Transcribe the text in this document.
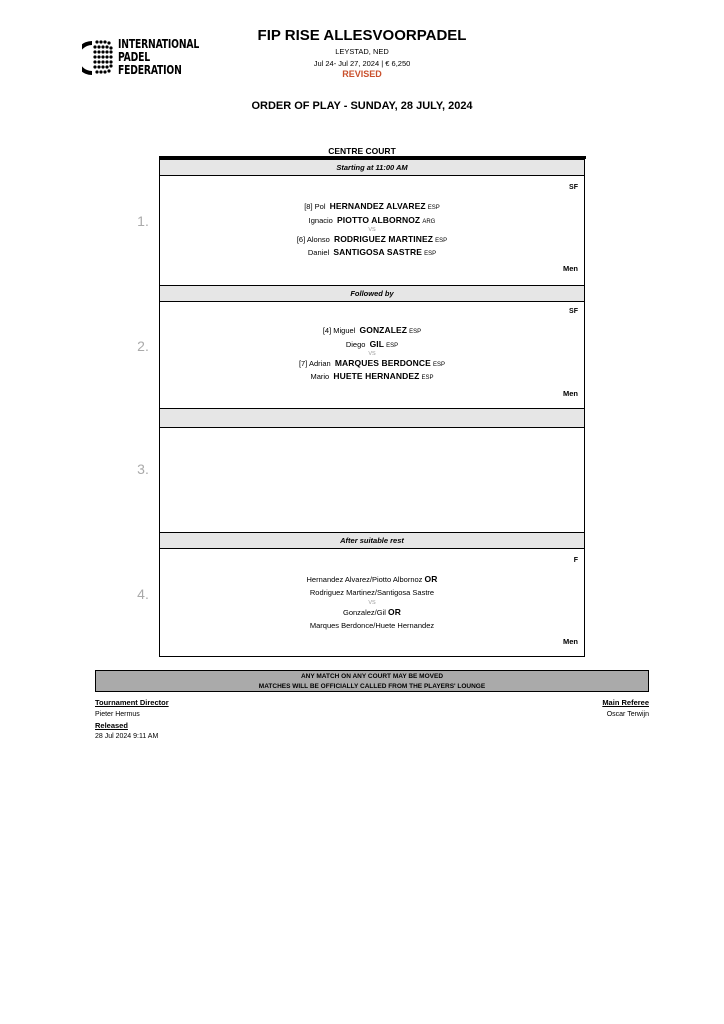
INTERNATIONAL
PADEL
FEDERATION
FIP RISE ALLESVOORPADEL
LEYSTAD, NED
Jul 24- Jul 27, 2024 | € 6,250
REVISED
ORDER OF PLAY - SUNDAY, 28 JULY, 2024
CENTRE COURT
1.
2.
3.
4.
Starting at 11:00 AM
SF
[8] Pol HERNANDEZ ALVAREZ ESP
Ignacio PIOTTO ALBORNOZ ARG
VS
[6] Alonso RODRIGUEZ MARTINEZ ESP
Daniel SANTIGOSA SASTRE ESP
Men
Followed by
SF
[4] Miguel GONZALEZ ESP
Diego GIL ESP
VS
[7] Adrian MARQUES BERDONCE ESP
Mario HUETE HERNANDEZ ESP
Men
After suitable rest
F
Hernandez Alvarez/Piotto Albornoz OR
Rodriguez Martinez/Santigosa Sastre
VS
Gonzalez/Gil OR
Marques Berdonce/Huete Hernandez
Men
ANY MATCH ON ANY COURT MAY BE MOVED
MATCHES WILL BE OFFICIALLY CALLED FROM THE PLAYERS' LOUNGE
Tournament Director
Pieter Hermus
Released
28 Jul 2024 9:11 AM
Main Referee
Oscar Terwijn
